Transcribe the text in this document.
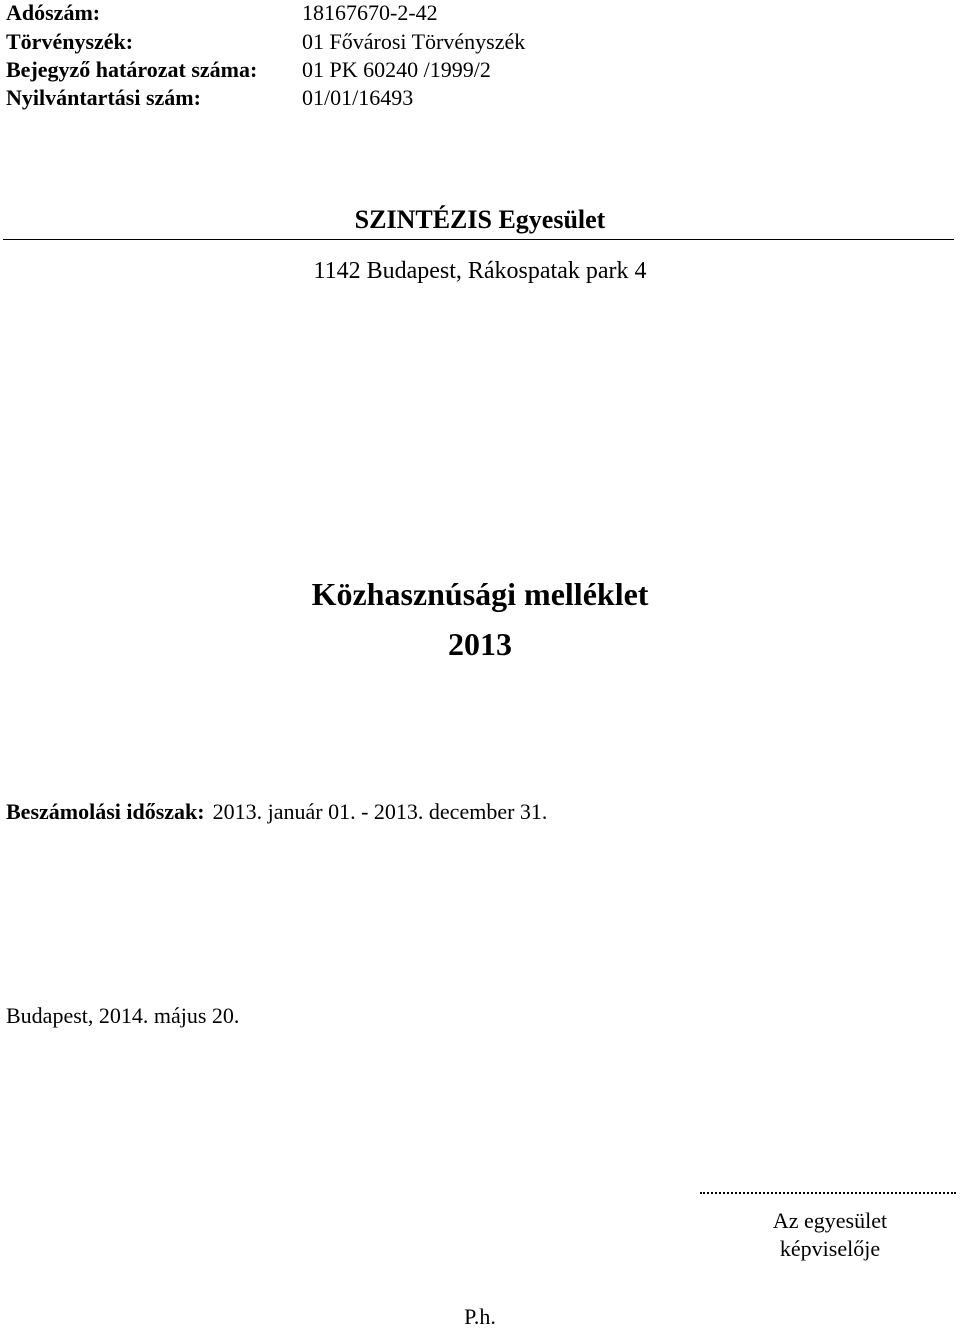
Adószám:	18167670-2-42
Törvényszék:	01 Fővárosi Törvényszék
Bejegyző határozat száma: 01 PK 60240 /1999/2
Nyilvántartási szám:	01/01/16493
SZINTÉZIS Egyesület
1142 Budapest, Rákospatak park 4
Közhasznúsági melléklet
2013
Beszámolási időszak: 2013. január 01. - 2013. december 31.
Budapest, 2014. május 20.
Az egyesület
képviselője
P.h.
